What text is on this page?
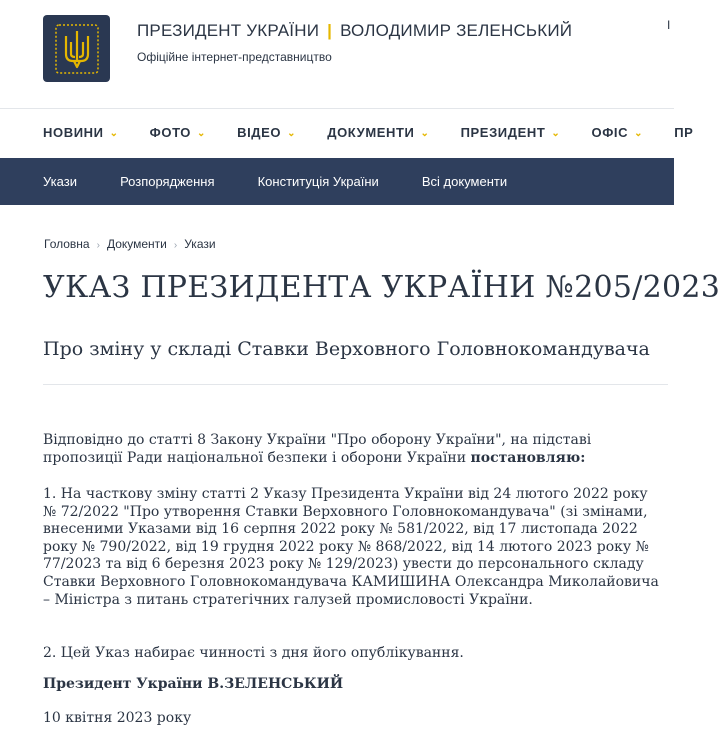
ПРЕЗИДЕНТ УКРАЇНИ | ВОЛОДИМИР ЗЕЛЕНСЬКИЙ
Офіційне інтернет-представництво
I
НОВИНИ ⌄ ФОТО ⌄ ВІДЕО ⌄ ДОКУМЕНТИ ⌄ ПРЕЗИДЕНТ ⌄ ОФІС ⌄ ПР
Укази	Розпорядження	Конституція України	Всі документи
Головна › Документи › Укази
УКАЗ ПРЕЗИДЕНТА УКРАЇНИ №205/2023
Про зміну у складі Ставки Верховного Головнокомандувача

Відповідно до статті 8 Закону України "Про оборону України", на підставі пропозиції Ради національної безпеки і оборони України постановляю:

1. На часткову зміну статті 2 Указу Президента України від 24 лютого 2022 року № 72/2022 "Про утворення Ставки Верховного Головнокомандувача" (зі змінами, внесеними Указами від 16 серпня 2022 року № 581/2022, від 17 листопада 2022 року № 790/2022, від 19 грудня 2022 року № 868/2022, від 14 лютого 2023 року № 77/2023 та від 6 березня 2023 року № 129/2023) увести до персонального складу Ставки Верховного Головнокомандувача КАМИШИНА Олександра Миколайовича – Міністра з питань стратегічних галузей промисловості України.

2. Цей Указ набирає чинності з дня його опублікування.

Президент України В.ЗЕЛЕНСЬКИЙ

10 квітня 2023 року
